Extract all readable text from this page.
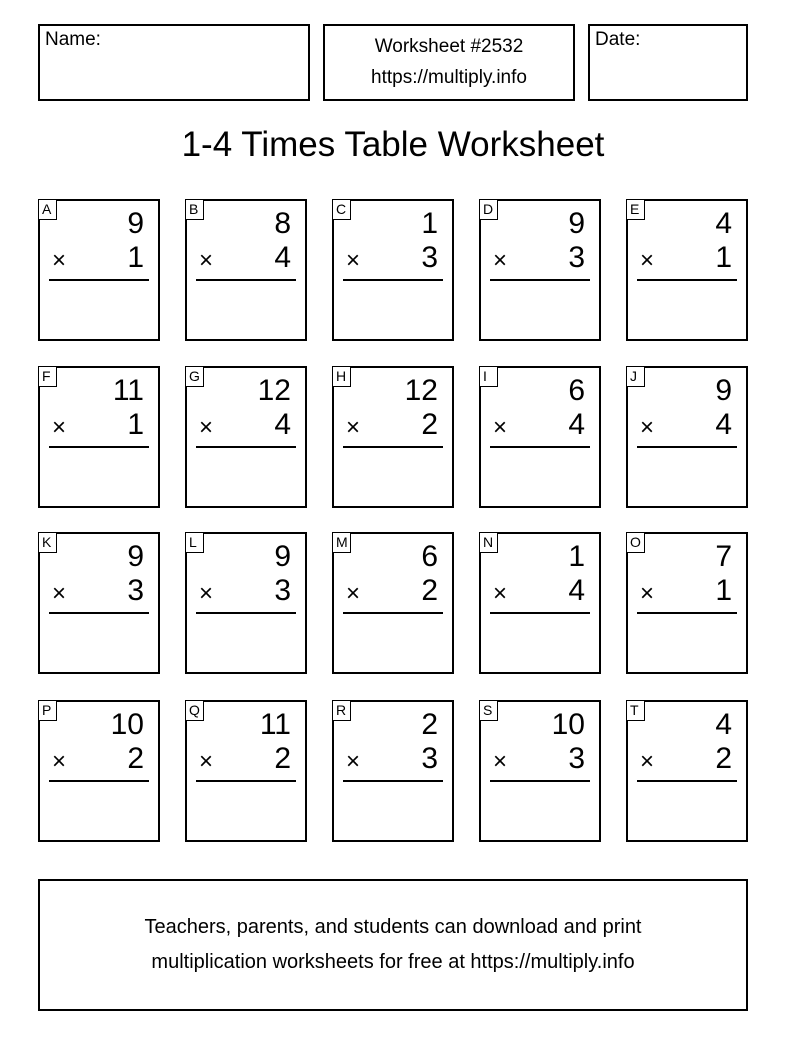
Name:	Worksheet #2532
https://multiply.info
Date:
1-4 Times Table Worksheet
A	9
× 1
B	8
× 4
C	1
× 3
D	9
× 3
E	4
× 1
F 11
× 1
G 12
× 4
H 12
× 2
I	6
× 4
J	9
× 4
K	9
× 3
L	9
× 3
M 6
× 2
N	1
× 4
O 7
× 1
P 10
× 2
Q 11
× 2
R	2
× 3
S 10
× 3
T	4
× 2
Teachers, parents, and students can download and print
multiplication worksheets for free at https://multiply.info
